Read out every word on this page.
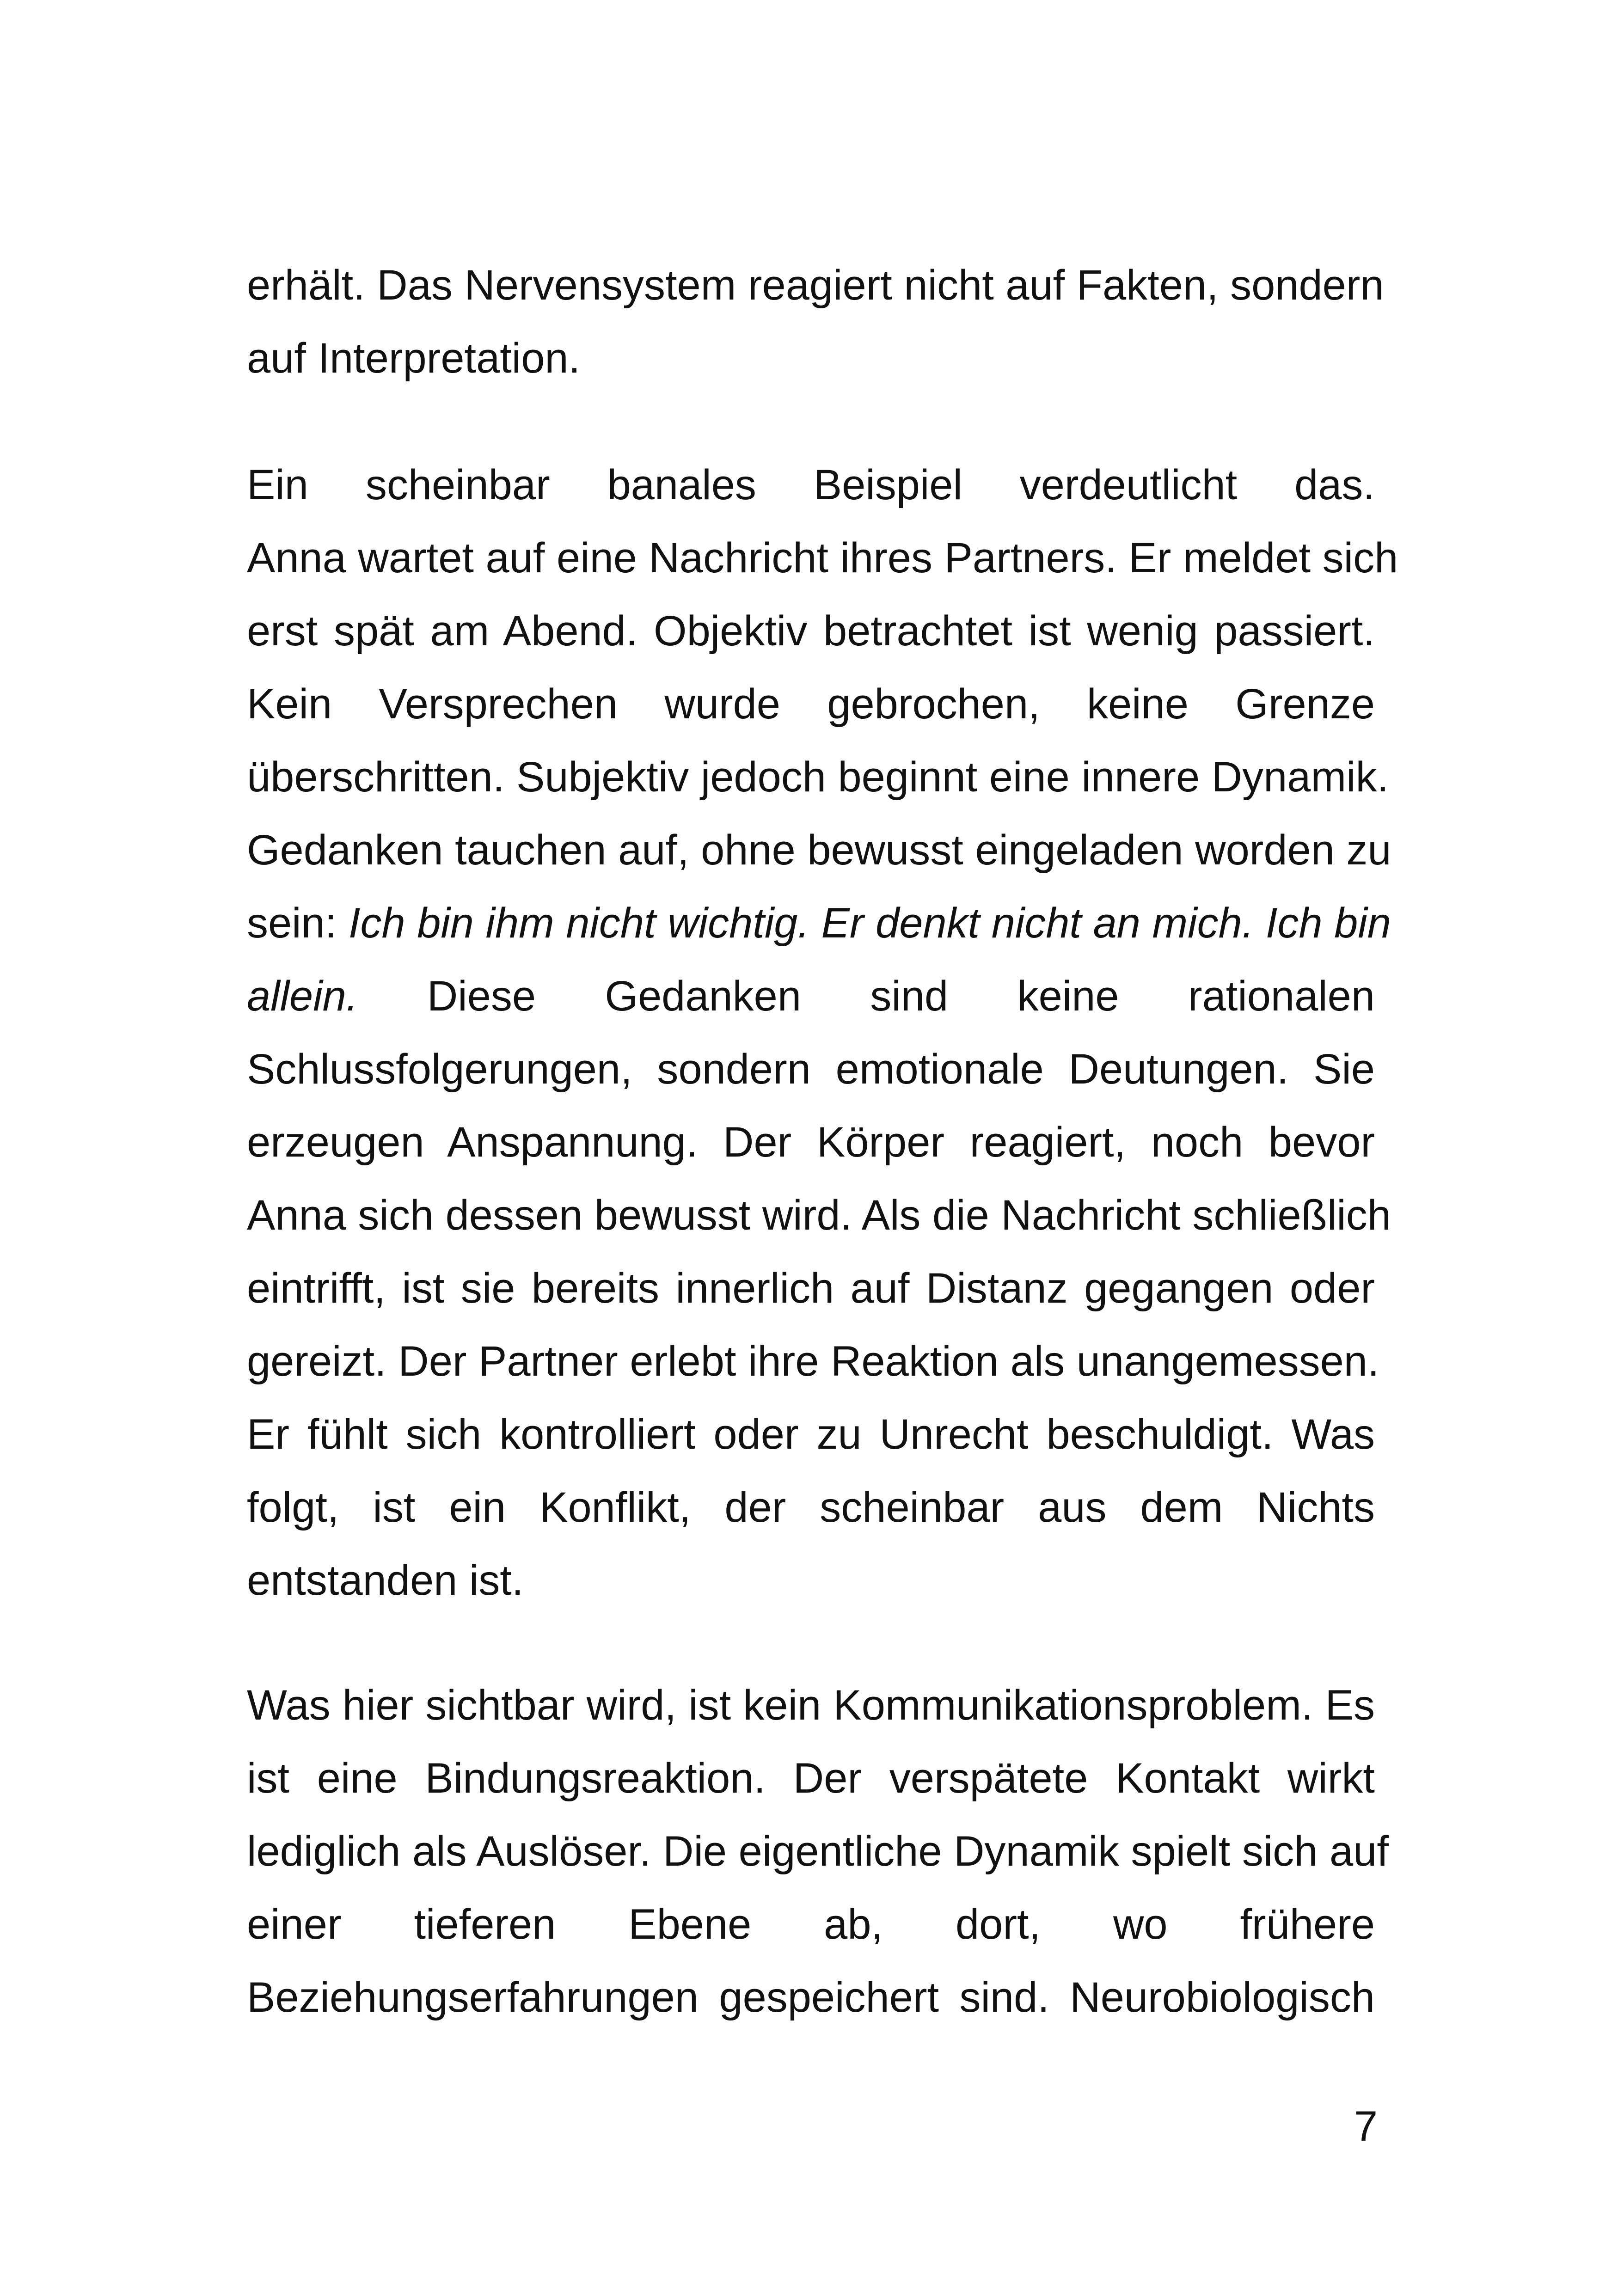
erhält. Das Nervensystem reagiert nicht auf Fakten, sondern
auf Interpretation.
Ein scheinbar banales Beispiel verdeutlicht das.
Anna wartet auf eine Nachricht ihres Partners. Er meldet sich
erst spät am Abend. Objektiv betrachtet ist wenig passiert.
Kein Versprechen wurde gebrochen, keine Grenze
überschritten. Subjektiv jedoch beginnt eine innere Dynamik.
Gedanken tauchen auf, ohne bewusst eingeladen worden zu
sein: Ich bin ihm nicht wichtig. Er denkt nicht an mich. Ich bin
allein. Diese Gedanken sind keine rationalen
Schlussfolgerungen, sondern emotionale Deutungen. Sie
erzeugen Anspannung. Der Körper reagiert, noch bevor
Anna sich dessen bewusst wird. Als die Nachricht schließlich
eintrifft, ist sie bereits innerlich auf Distanz gegangen oder
gereizt. Der Partner erlebt ihre Reaktion als unangemessen.
Er fühlt sich kontrolliert oder zu Unrecht beschuldigt. Was
folgt, ist ein Konflikt, der scheinbar aus dem Nichts
entstanden ist.
Was hier sichtbar wird, ist kein Kommunikationsproblem. Es
ist eine Bindungsreaktion. Der verspätete Kontakt wirkt
lediglich als Auslöser. Die eigentliche Dynamik spielt sich auf
einer tieferen Ebene ab, dort, wo frühere
Beziehungserfahrungen gespeichert sind. Neurobiologisch
7
